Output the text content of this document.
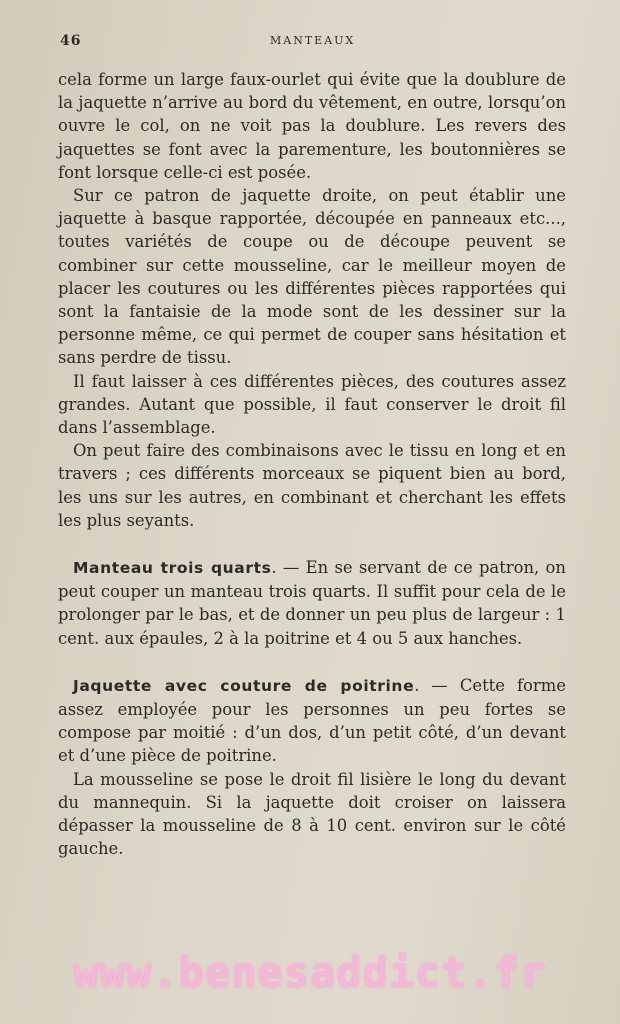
46	MANTEAUX

cela forme un large faux-ourlet qui évite que la doublure de la jaquette n’arrive au bord du vêtement, en outre, lorsqu’on ouvre le col, on ne voit pas la doublure. Les revers des jaquettes se font avec la parementure, les boutonnières se font lorsque celle-ci est posée.

Sur ce patron de jaquette droite, on peut établir une jaquette à basque rapportée, découpée en panneaux etc..., toutes variétés de coupe ou de découpe peuvent se combiner sur cette mousseline, car le meilleur moyen de placer les coutures ou les différentes pièces rapportées qui sont la fantaisie de la mode sont de les dessiner sur la personne même, ce qui permet de couper sans hésitation et sans perdre de tissu.

Il faut laisser à ces différentes pièces, des coutures assez grandes. Autant que possible, il faut conserver le droit fil dans l’assemblage.

On peut faire des combinaisons avec le tissu en long et en travers ; ces différents morceaux se piquent bien au bord, les uns sur les autres, en combinant et cherchant les effets les plus seyants.

Manteau trois quarts. — En se servant de ce patron, on peut couper un manteau trois quarts. Il suffit pour cela de le prolonger par le bas, et de donner un peu plus de largeur : 1 cent. aux épaules, 2 à la poitrine et 4 ou 5 aux hanches.

Jaquette avec couture de poitrine. — Cette forme assez employée pour les personnes un peu fortes se compose par moitié : d’un dos, d’un petit côté, d’un devant et d’une pièce de poitrine.

La mousseline se pose le droit fil lisière le long du devant du mannequin. Si la jaquette doit croiser on laissera dépasser la mousseline de 8 à 10 cent. environ sur le côté gauche.

www.benesaddict.fr
